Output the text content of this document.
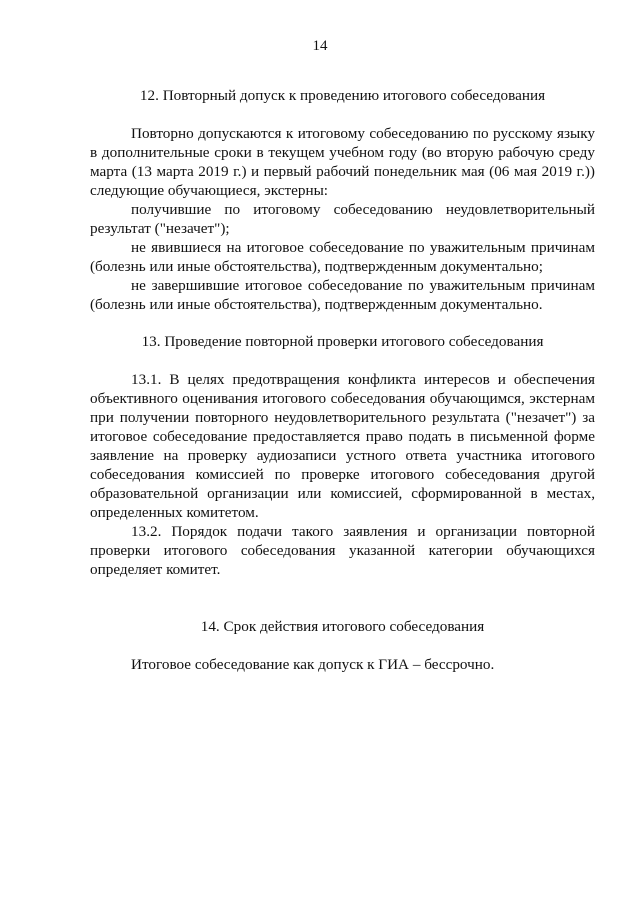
14

12. Повторный допуск к проведению итогового собеседования

Повторно допускаются к итоговому собеседованию по русскому языку в дополнительные сроки в текущем учебном году (во вторую рабочую среду марта (13 марта 2019 г.) и первый рабочий понедельник мая (06 мая 2019 г.)) следующие обучающиеся, экстерны:

получившие по итоговому собеседованию неудовлетворительный результат ("незачет");

не явившиеся на итоговое собеседование по уважительным причинам (болезнь или иные обстоятельства), подтвержденным документально;

не завершившие итоговое собеседование по уважительным причинам (болезнь или иные обстоятельства), подтвержденным документально.

13. Проведение повторной проверки итогового собеседования

13.1. В целях предотвращения конфликта интересов и обеспечения объективного оценивания итогового собеседования обучающимся, экстернам при получении повторного неудовлетворительного результата ("незачет") за итоговое собеседование предоставляется право подать в письменной форме заявление на проверку аудиозаписи устного ответа участника итогового собеседования комиссией по проверке итогового собеседования другой образовательной организации или комиссией, сформированной в местах, определенных комитетом.

13.2. Порядок подачи такого заявления и организации повторной проверки итогового собеседования указанной категории обучающихся определяет комитет.

14. Срок действия итогового собеседования

Итоговое собеседование как допуск к ГИА – бессрочно.
